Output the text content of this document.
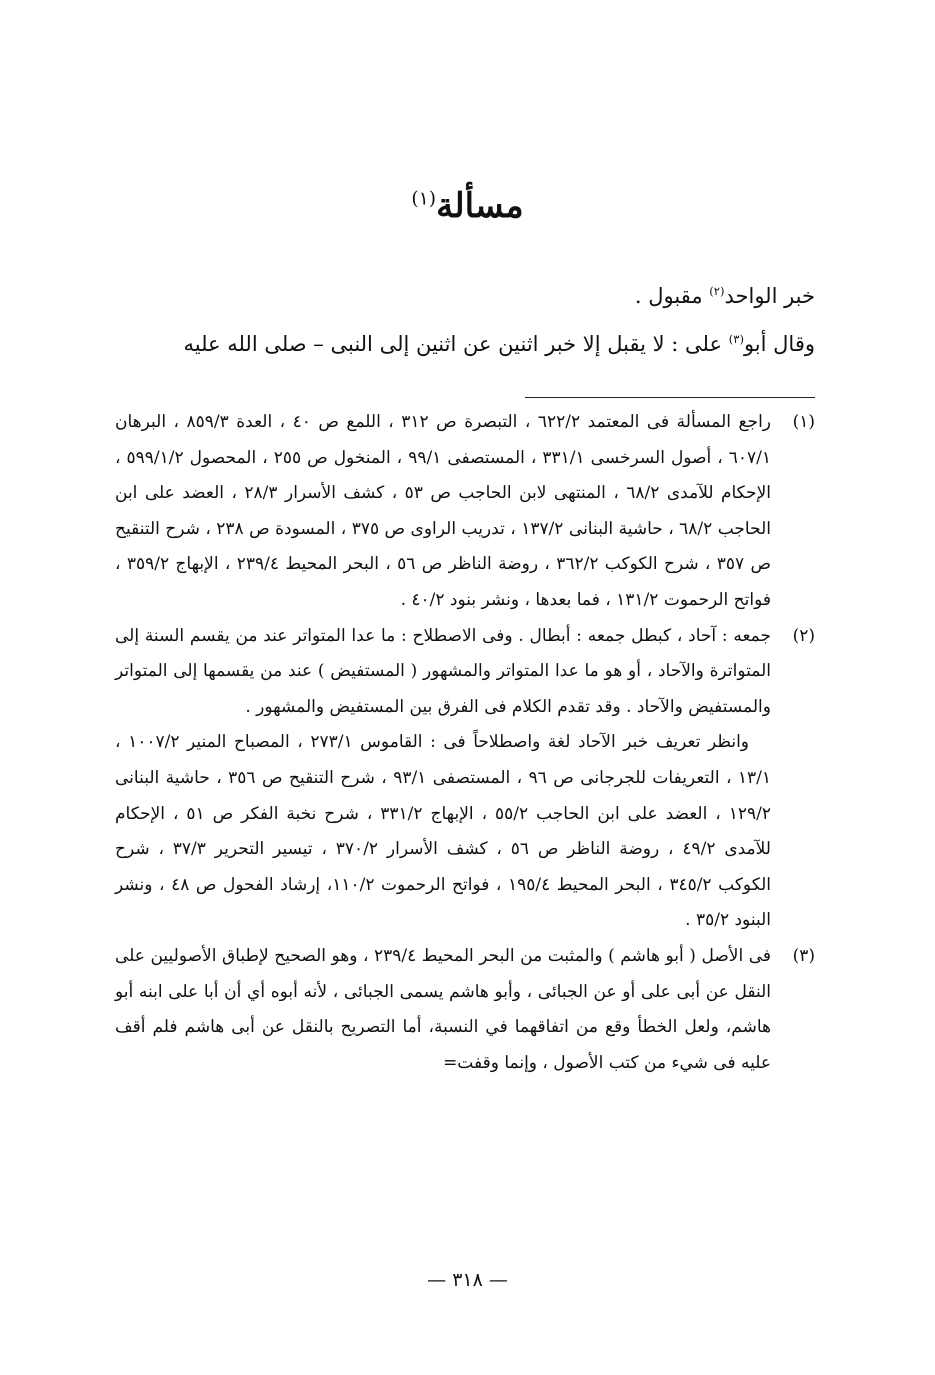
مسألة$^{(١)}$

خبر الواحد$^{(٢)}$ مقبول .

وقال أبو$^{(٣)}$ على : لا يقبل إلا خبر اثنين عن اثنين إلى النبى – صلى الله عليه

(١)

راجع المسألة فى المعتمد ٦٢٢/٢ ، التبصرة ص ٣١٢ ، اللمع ص ٤٠ ، العدة ٨٥٩/٣ ، البرهان ٦٠٧/١ ، أصول السرخسى ٣٣١/١ ، المستصفى ٩٩/١ ، المنخول ص ٢٥٥ ، المحصول ٥٩٩/١/٢ ، الإحكام للآمدى ٦٨/٢ ، المنتهى لابن الحاجب ص ٥٣ ، كشف الأسرار ٢٨/٣ ، العضد على ابن الحاجب ٦٨/٢ ، حاشية البنانى ١٣٧/٢ ، تدريب الراوى ص ٣٧٥ ، المسودة ص ٢٣٨ ، شرح التنقيح ص ٣٥٧ ، شرح الكوكب ٣٦٢/٢ ، روضة الناظر ص ٥٦ ، البحر المحيط ٢٣٩/٤ ، الإبهاج ٣٥٩/٢ ، فواتح الرحموت ١٣١/٢ ، فما بعدها ، ونشر بنود ٤٠/٢ .

(٢)

جمعه : آحاد ، كبطل جمعه : أبطال . وفى الاصطلاح : ما عدا المتواتر عند من يقسم السنة إلى المتواترة والآحاد ، أو هو ما عدا المتواتر والمشهور ( المستفيض ) عند من يقسمها إلى المتواتر والمستفيض والآحاد . وقد تقدم الكلام فى الفرق بين المستفيض والمشهور .

وانظر تعريف خبر الآحاد لغة واصطلاحاً فى : القاموس ٢٧٣/١ ، المصباح المنير ١٠٠٧/٢ ، ١٣/١ ، التعريفات للجرجانى ص ٩٦ ، المستصفى ٩٣/١ ، شرح التنقيح ص ٣٥٦ ، حاشية البنانى ١٢٩/٢ ، العضد على ابن الحاجب ٥٥/٢ ، الإبهاج ٣٣١/٢ ، شرح نخبة الفكر ص ٥١ ، الإحكام للآمدى ٤٩/٢ ، روضة الناظر ص ٥٦ ، كشف الأسرار ٣٧٠/٢ ، تيسير التحرير ٣٧/٣ ، شرح الكوكب ٣٤٥/٢ ، البحر المحيط ١٩٥/٤ ، فواتح الرحموت ١١٠/٢، إرشاد الفحول ص ٤٨ ، ونشر البنود ٣٥/٢ .

(٣)

فى الأصل ( أبو هاشم ) والمثبت من البحر المحيط ٢٣٩/٤ ، وهو الصحيح لإطباق الأصوليين على النقل عن أبى على أو عن الجبائى ، وأبو هاشم يسمى الجبائى ، لأنه أبوه أي أن أبا على ابنه أبو هاشم، ولعل الخطأ وقع من اتفاقهما في النسبة، أما التصريح بالنقل عن أبى هاشم فلم أقف عليه فى شيء من كتب الأصول ، وإنما وقفت=

— ٣١٨ —
